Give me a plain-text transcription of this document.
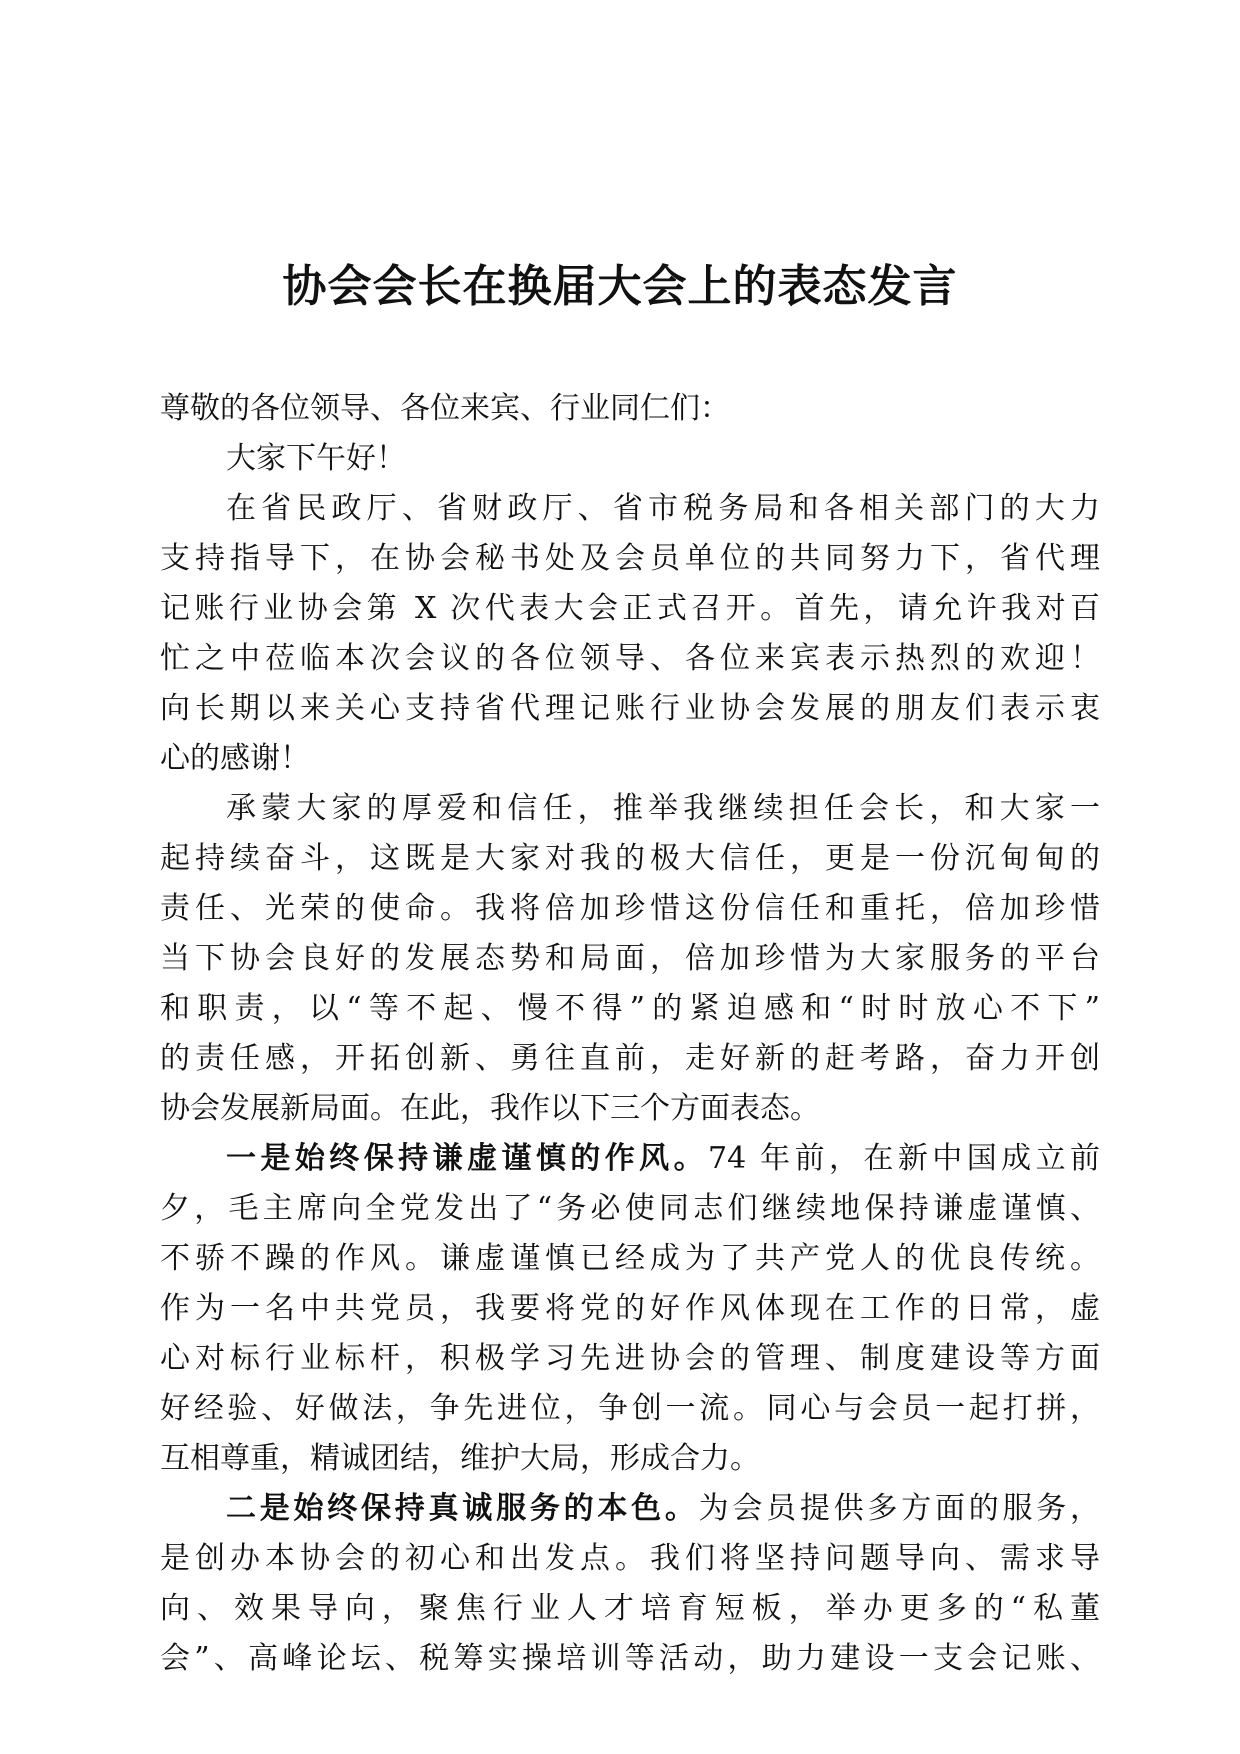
协会会长在换届大会上的表态发言
尊敬的各位领导、各位来宾、行业同仁们：
大家下午好！
在省民政厅、省财政厅、省市税务局和各相关部门的大力
支持指导下，在协会秘书处及会员单位的共同努力下，省代理
记账行业协会第 X 次代表大会正式召开。首先，请允许我对百
忙之中莅临本次会议的各位领导、各位来宾表示热烈的欢迎！
向长期以来关心支持省代理记账行业协会发展的朋友们表示衷
心的感谢！
承蒙大家的厚爱和信任，推举我继续担任会长，和大家一
起持续奋斗，这既是大家对我的极大信任，更是一份沉甸甸的
责任、光荣的使命。我将倍加珍惜这份信任和重托，倍加珍惜
当下协会良好的发展态势和局面，倍加珍惜为大家服务的平台
和职责，以“等不起、慢不得”的紧迫感和“时时放心不下”
的责任感，开拓创新、勇往直前，走好新的赶考路，奋力开创
协会发展新局面。在此，我作以下三个方面表态。
一是始终保持谦虚谨慎的作风。74 年前，在新中国成立前
夕，毛主席向全党发出了“务必使同志们继续地保持谦虚谨慎、
不骄不躁的作风。谦虚谨慎已经成为了共产党人的优良传统。
作为一名中共党员，我要将党的好作风体现在工作的日常，虚
心对标行业标杆，积极学习先进协会的管理、制度建设等方面
好经验、好做法，争先进位，争创一流。同心与会员一起打拼，
互相尊重，精诚团结，维护大局，形成合力。
二是始终保持真诚服务的本色。为会员提供多方面的服务，
是创办本协会的初心和出发点。我们将坚持问题导向、需求导
向、效果导向，聚焦行业人才培育短板，举办更多的“私董
会”、高峰论坛、税筹实操培训等活动，助力建设一支会记账、
